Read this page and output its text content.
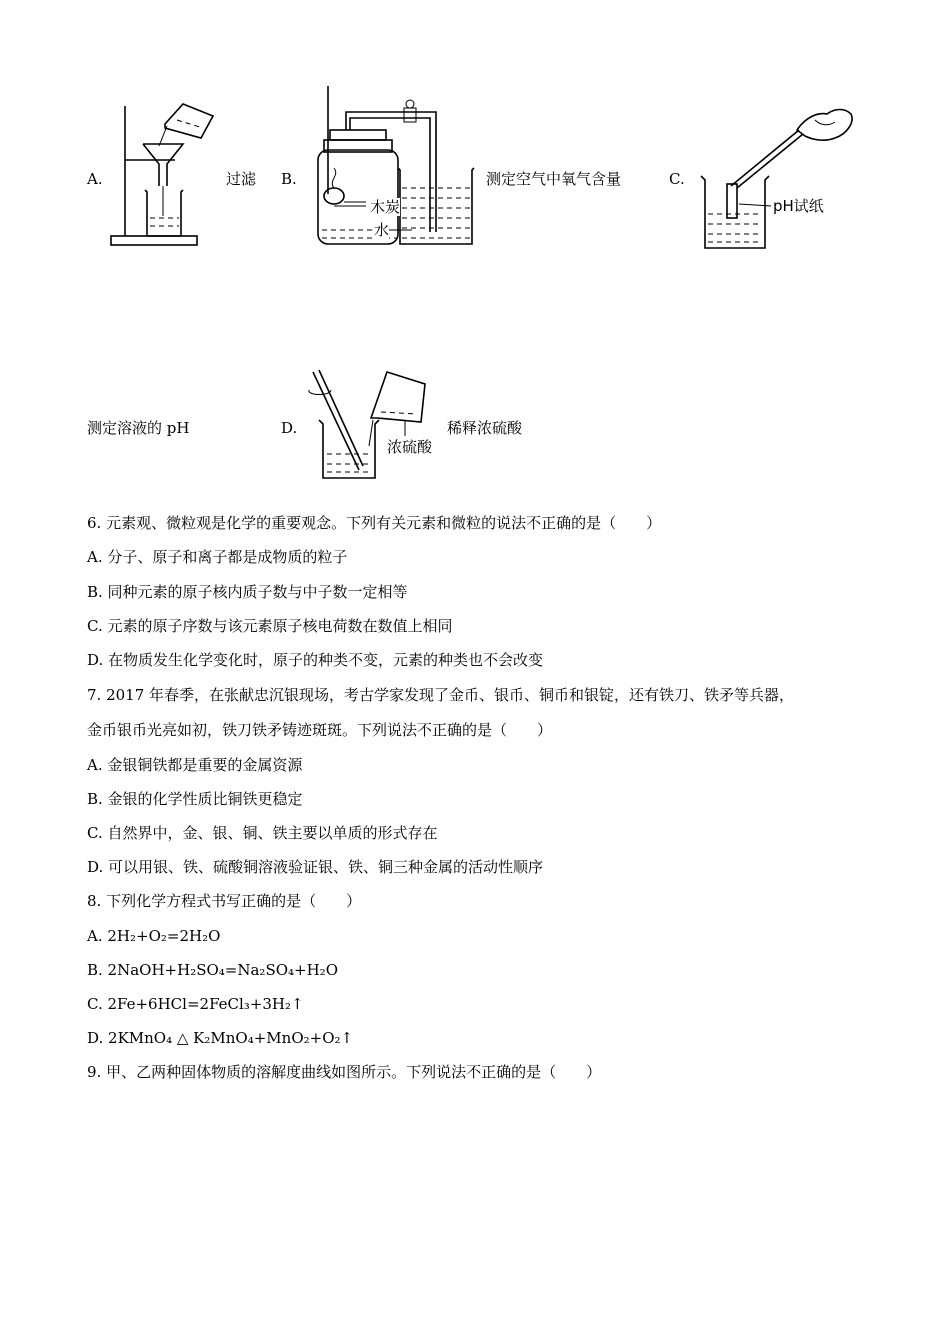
A.	过滤 B.
木炭
水
测定空气中氧气含量	C.
pH试纸
测定溶液的 pH	D.
浓硫酸
稀释浓硫酸
6. 元素观、微粒观是化学的重要观念。下列有关元素和微粒的说法不正确的是（　　）
A. 分子、原子和离子都是成物质的粒子
B. 同种元素的原子核内质子数与中子数一定相等
C. 元素的原子序数与该元素原子核电荷数在数值上相同
D. 在物质发生化学变化时，原子的种类不变，元素的种类也不会改变
7. 2017 年春季，在张献忠沉银现场，考古学家发现了金币、银币、铜币和银锭，还有铁刀、铁矛等兵器，
金币银币光亮如初，铁刀铁矛铸迹斑斑。下列说法不正确的是（　　）
A. 金银铜铁都是重要的金属资源
B. 金银的化学性质比铜铁更稳定
C. 自然界中，金、银、铜、铁主要以单质的形式存在
D. 可以用银、铁、硫酸铜溶液验证银、铁、铜三种金属的活动性顺序
8. 下列化学方程式书写正确的是（　　）
A. 2H₂+O₂=2H₂O
B. 2NaOH+H₂SO₄=Na₂SO₄+H₂O
C. 2Fe+6HCl=2FeCl₃+3H₂↑
D. 2KMnO₄ △ K₂MnO₄+MnO₂+O₂↑
9. 甲、乙两种固体物质的溶解度曲线如图所示。下列说法不正确的是（　　）
